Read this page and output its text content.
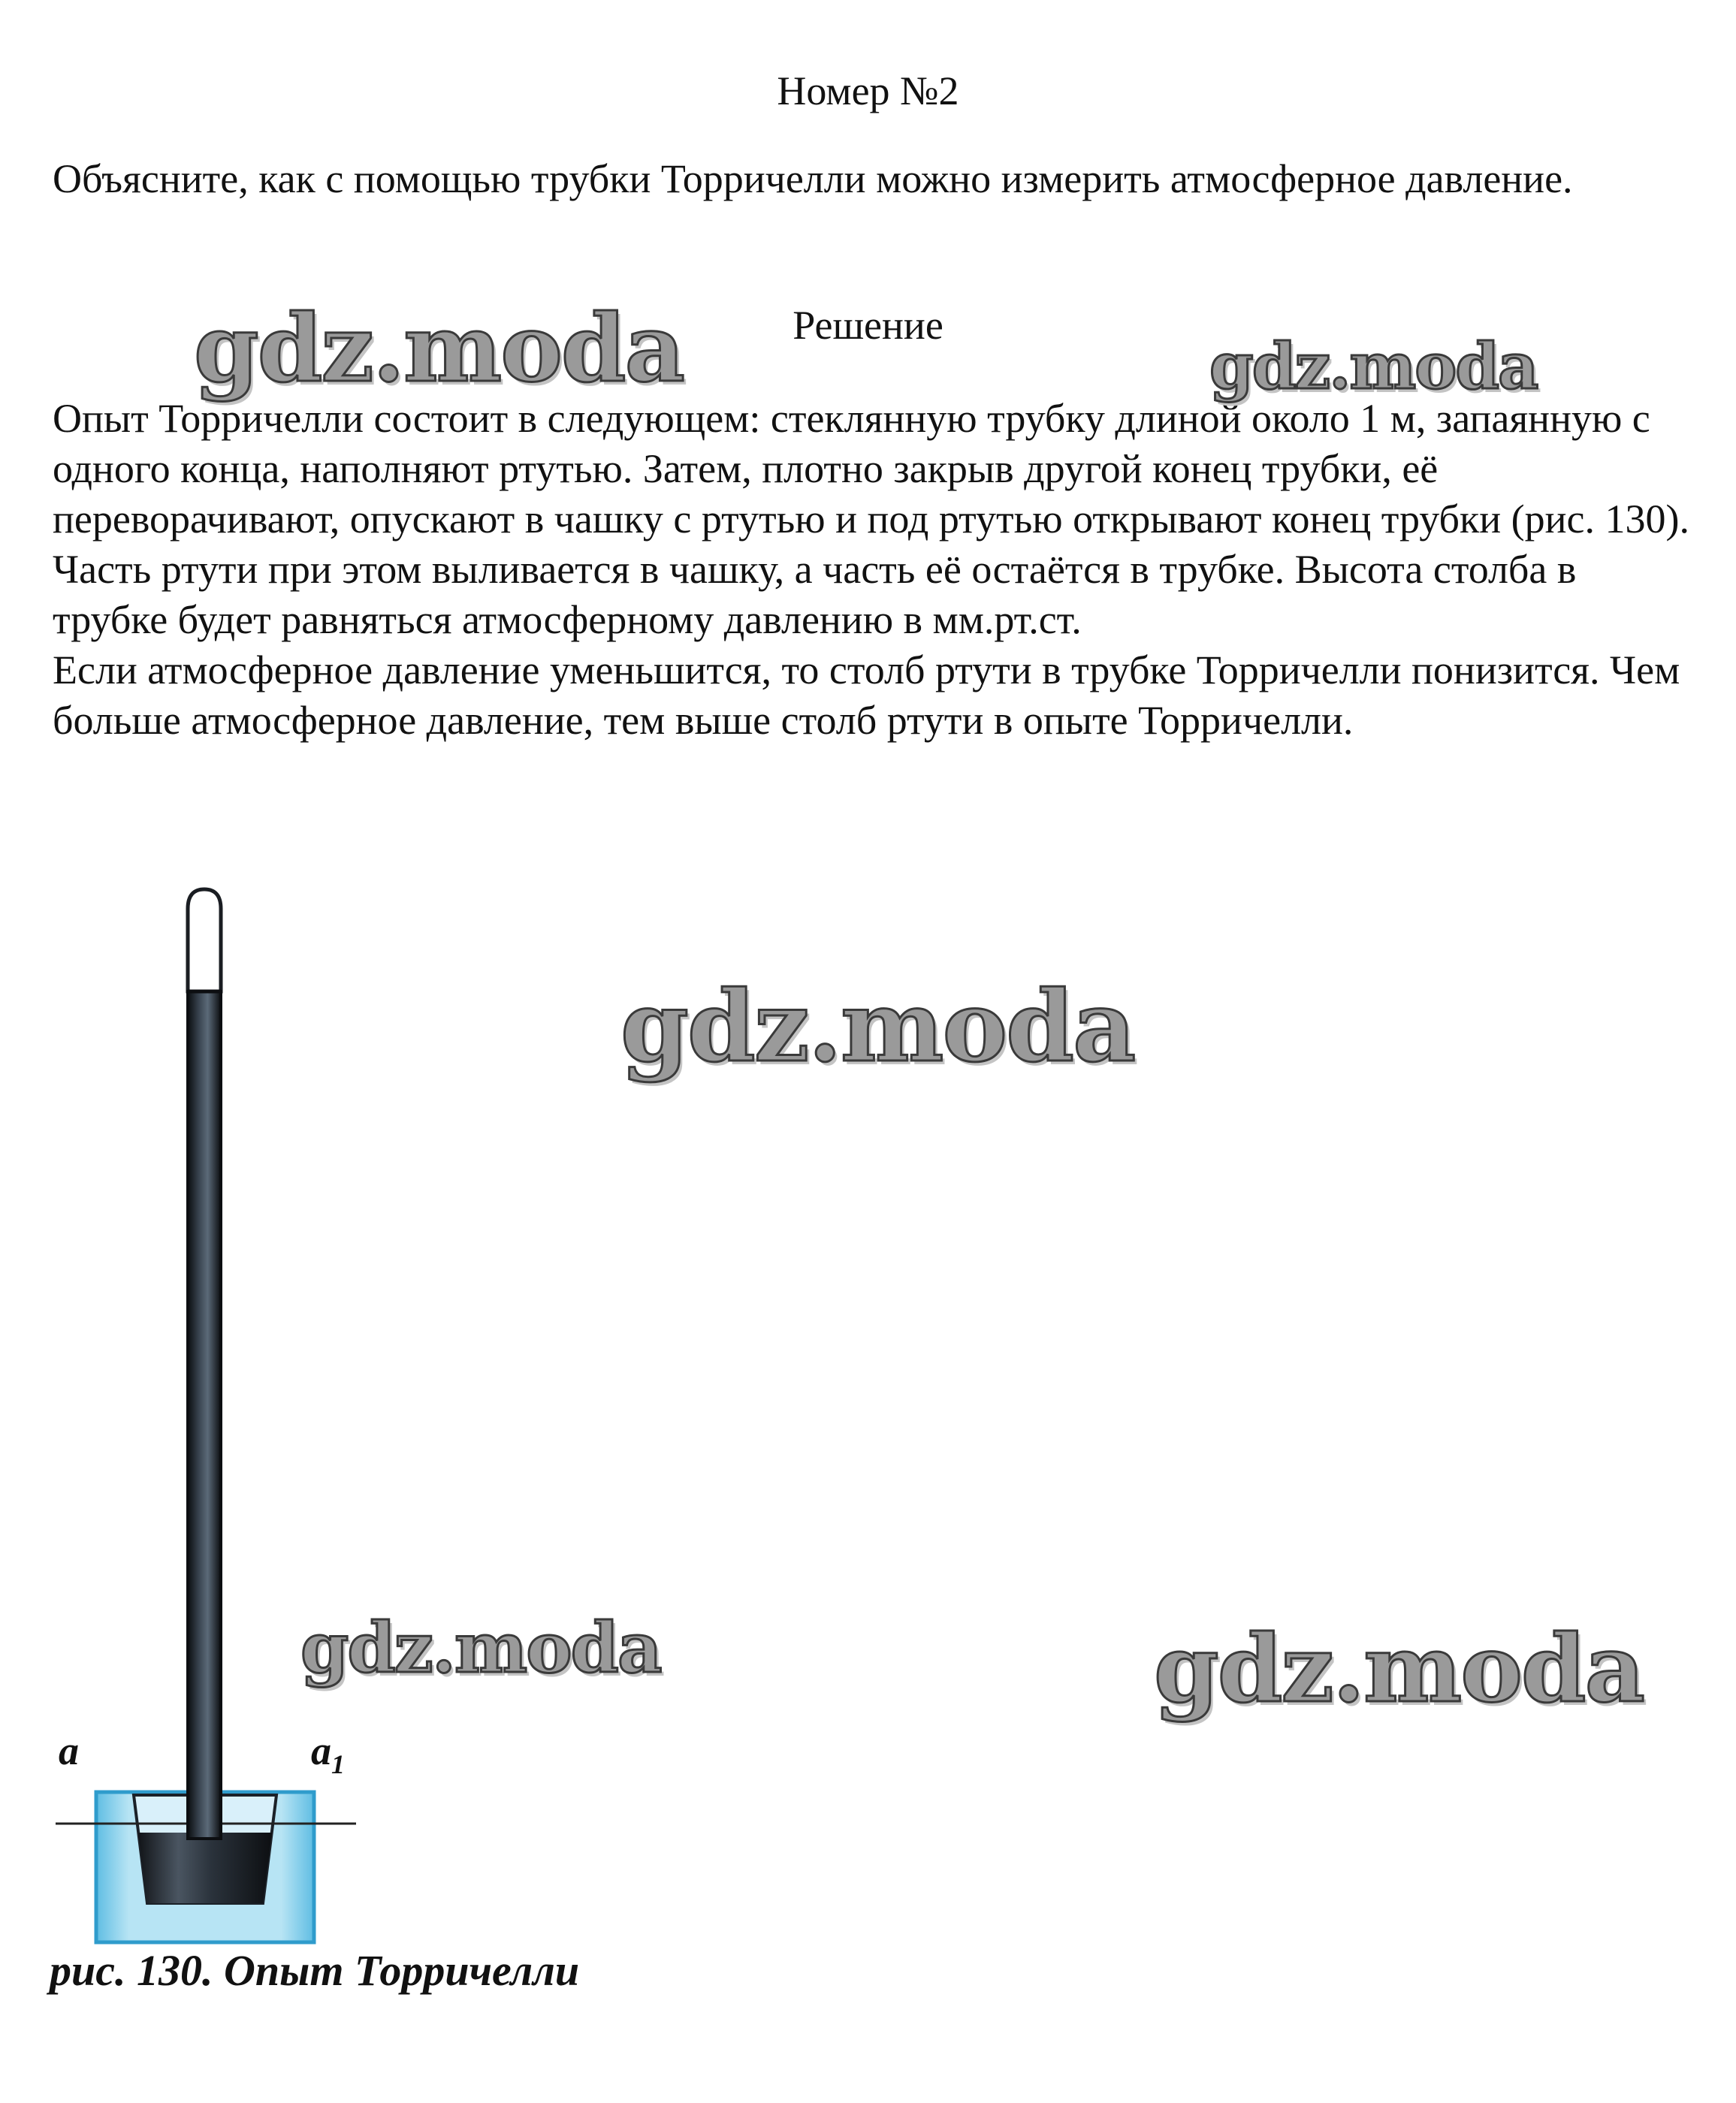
Номер №2
Объясните, как с помощью трубки Торричелли можно измерить атмосферное давление.
Решение

Опыт Торричелли состоит в следующем: стеклянную трубку длиной около 1 м, запаянную с одного конца, наполняют ртутью. Затем, плотно закрыв другой конец трубки, её переворачивают, опускают в чашку с ртутью и под ртутью открывают конец трубки (рис. 130). Часть ртути при этом выливается в чашку, а часть её остаётся в трубке. Высота столба в трубке будет равняться атмосферному давлению в мм.рт.ст.

Если атмосферное давление уменьшится, то столб ртути в трубке Торричелли понизится. Чем больше атмосферное давление, тем выше столб ртути в опыте Торричелли.

gdz.moda	gdz.moda
gdz.moda
gdz.moda	gdz.moda
a	$a_1$
рис. 130. Опыт Торричелли
